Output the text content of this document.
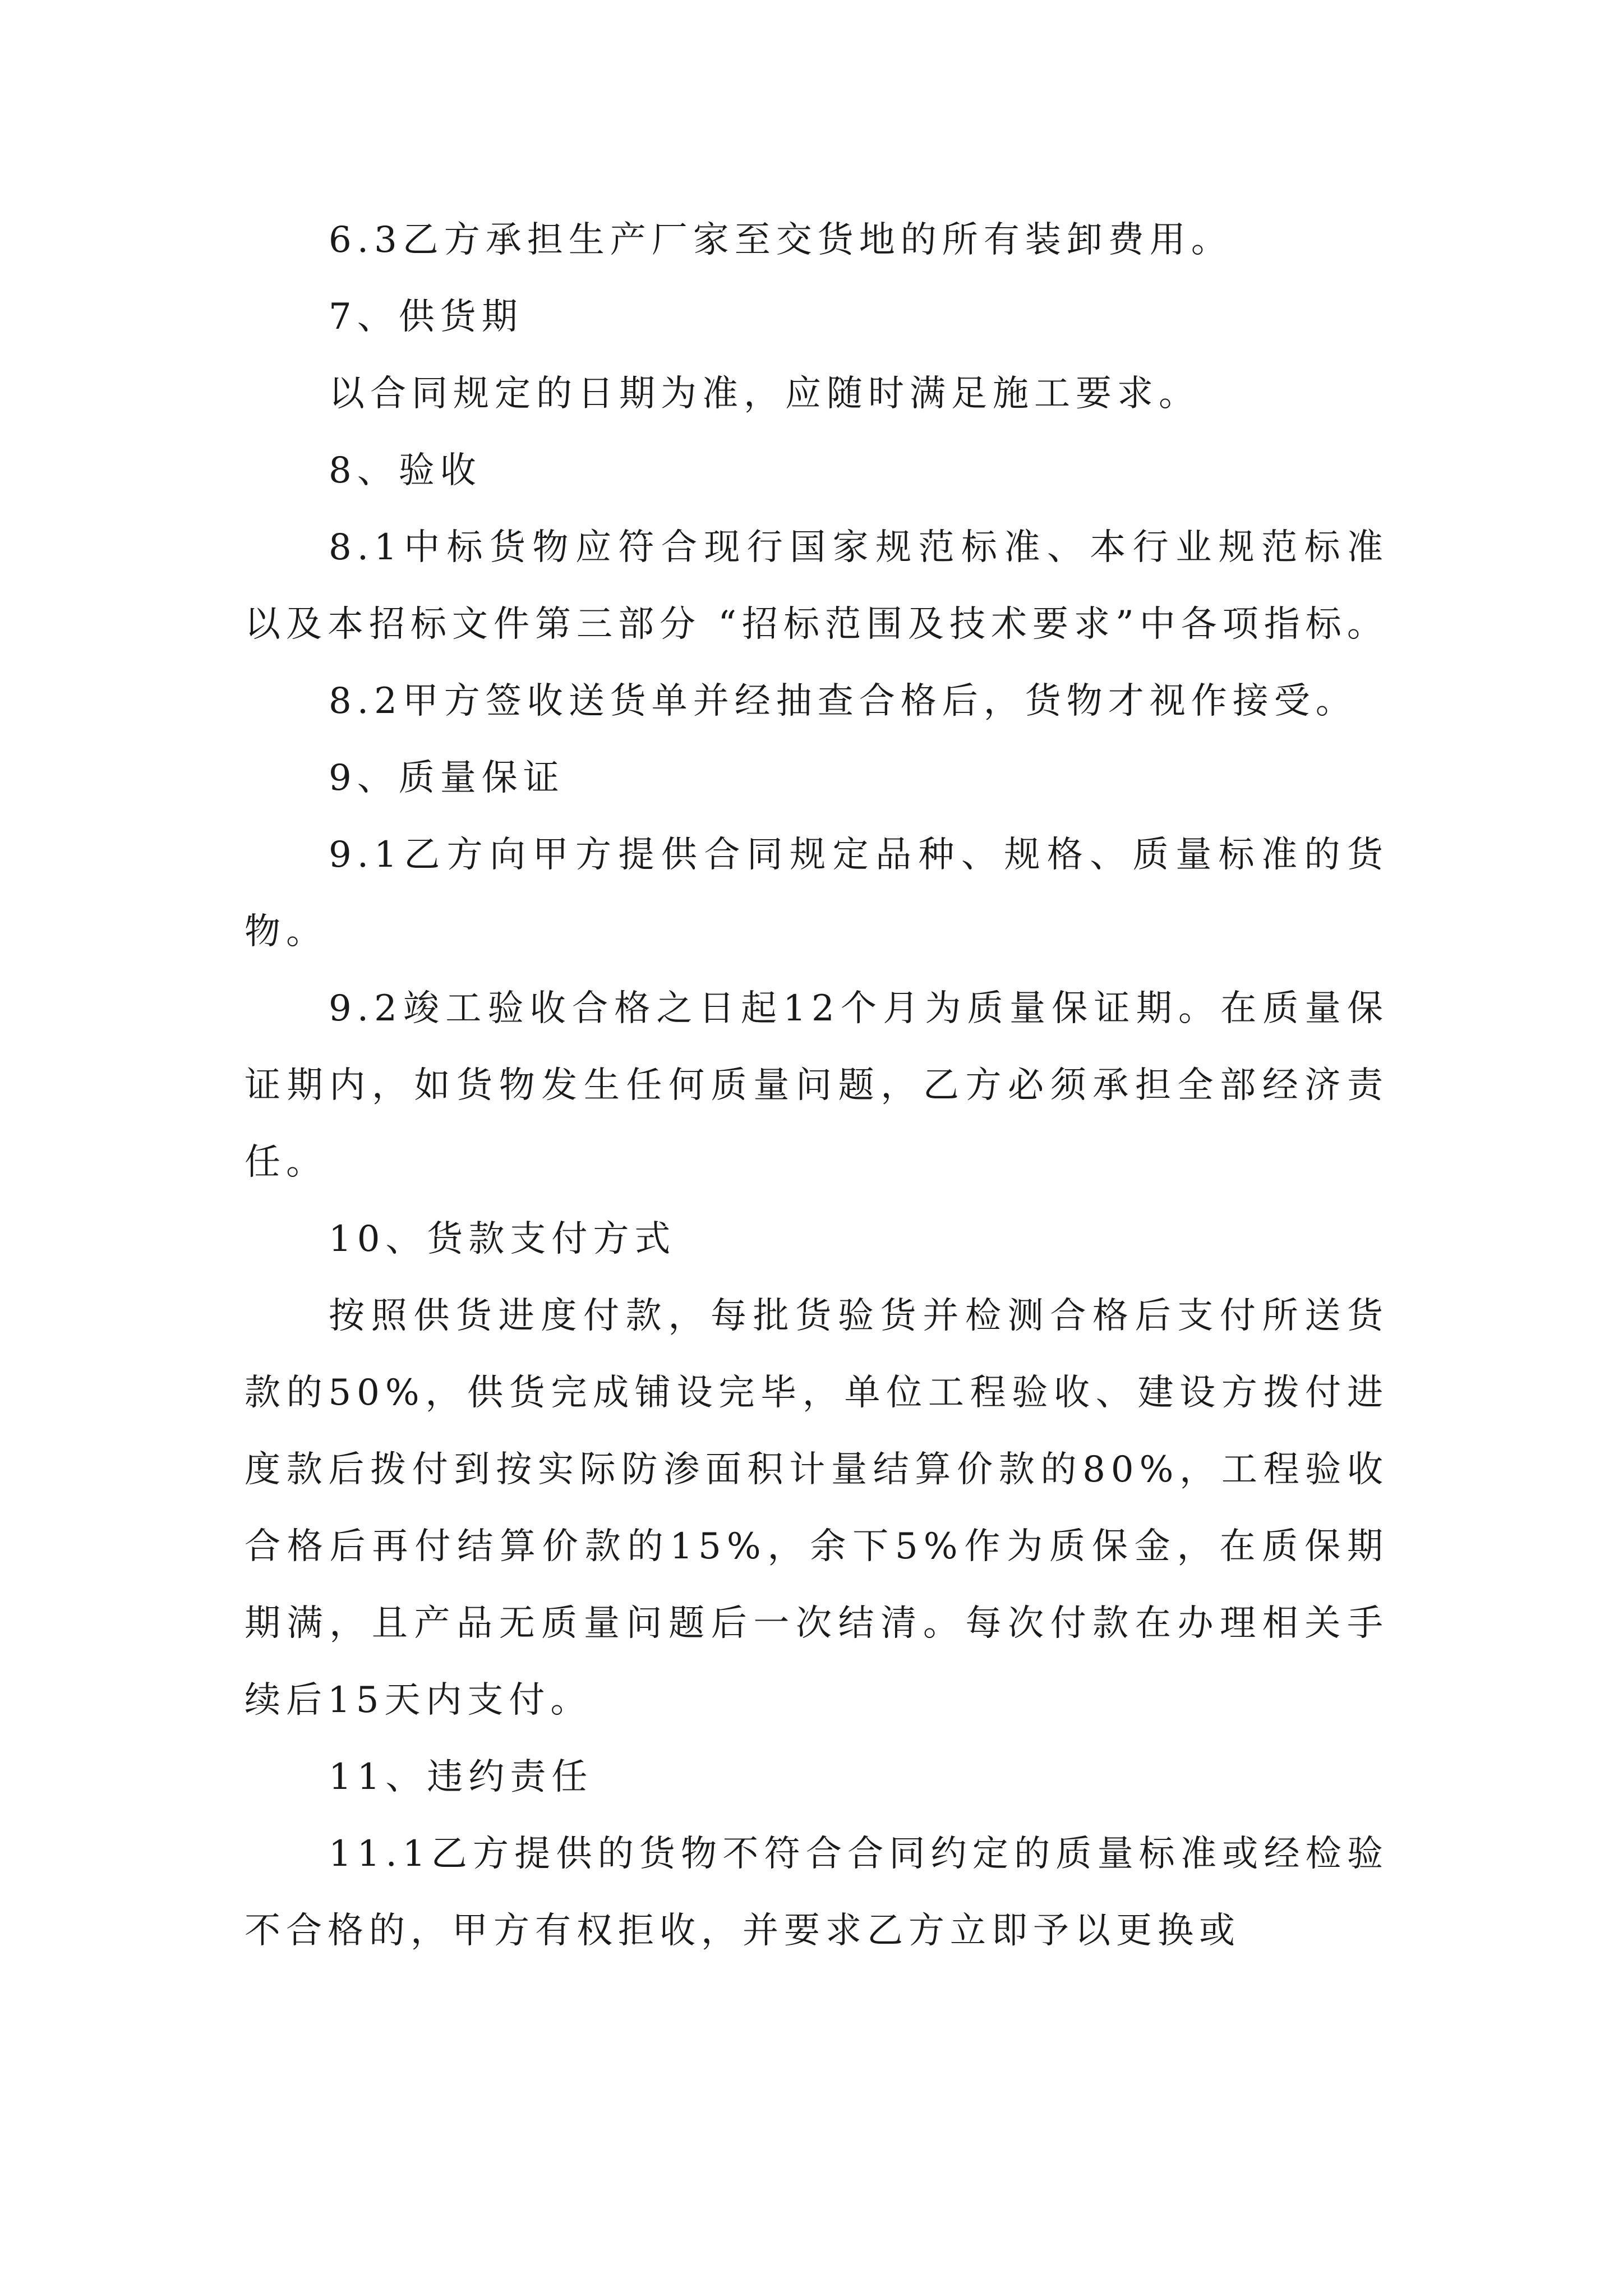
6.3乙方承担生产厂家至交货地的所有装卸费用。

7、供货期

以合同规定的日期为准，应随时满足施工要求。

8、验收

8.1中标货物应符合现行国家规范标准、本行业规范标准以及本招标文件第三部分 “招标范围及技术要求”中各项指标。

8.2甲方签收送货单并经抽查合格后，货物才视作接受。

9、质量保证

9.1乙方向甲方提供合同规定品种、规格、质量标准的货物。

9.2竣工验收合格之日起12个月为质量保证期。在质量保证期内，如货物发生任何质量问题，乙方必须承担全部经济责任。

10、货款支付方式

按照供货进度付款，每批货验货并检测合格后支付所送货款的50%，供货完成铺设完毕，单位工程验收、建设方拨付进度款后拨付到按实际防渗面积计量结算价款的80%，工程验收合格后再付结算价款的15%，余下5%作为质保金，在质保期期满，且产品无质量问题后一次结清。每次付款在办理相关手续后15天内支付。

11、违约责任

11.1乙方提供的货物不符合合同约定的质量标准或经检验不合格的，甲方有权拒收，并要求乙方立即予以更换或
